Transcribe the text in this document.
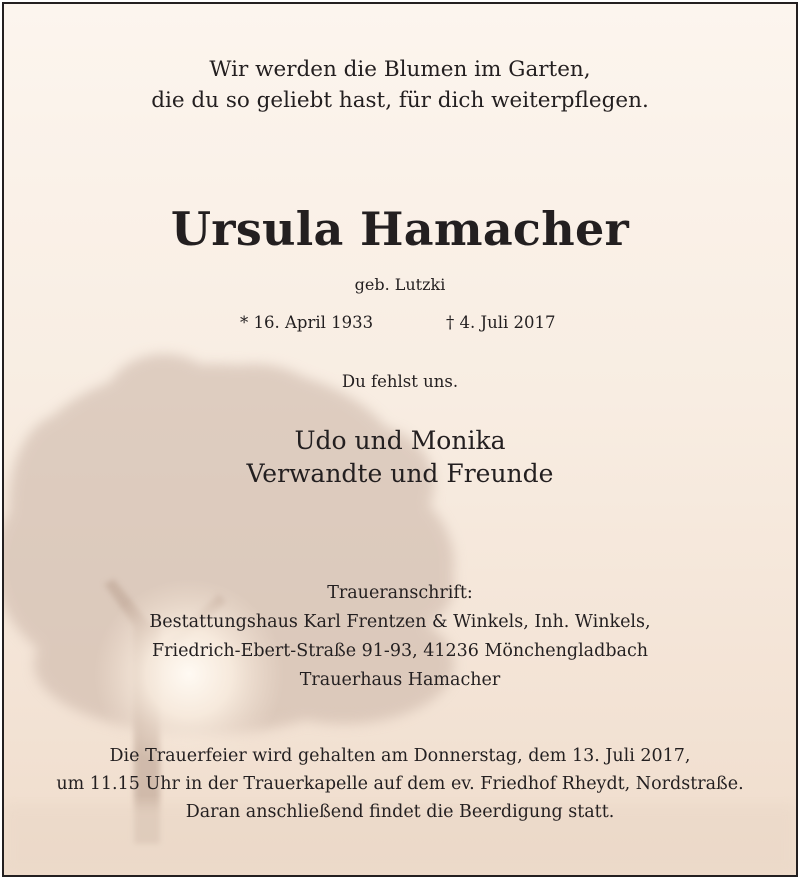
Wir werden die Blumen im Garten,
die du so geliebt hast, für dich weiterpflegen.
Ursula Hamacher
geb. Lutzki
* 16. April 1933	† 4. Juli 2017
Du fehlst uns.
Udo und Monika
Verwandte und Freunde
Traueranschrift:
Bestattungshaus Karl Frentzen & Winkels, Inh. Winkels,
Friedrich-Ebert-Straße 91-93, 41236 Mönchengladbach
Trauerhaus Hamacher
Die Trauerfeier wird gehalten am Donnerstag, dem 13. Juli 2017,
um 11.15 Uhr in der Trauerkapelle auf dem ev. Friedhof Rheydt, Nordstraße.
Daran anschließend findet die Beerdigung statt.
